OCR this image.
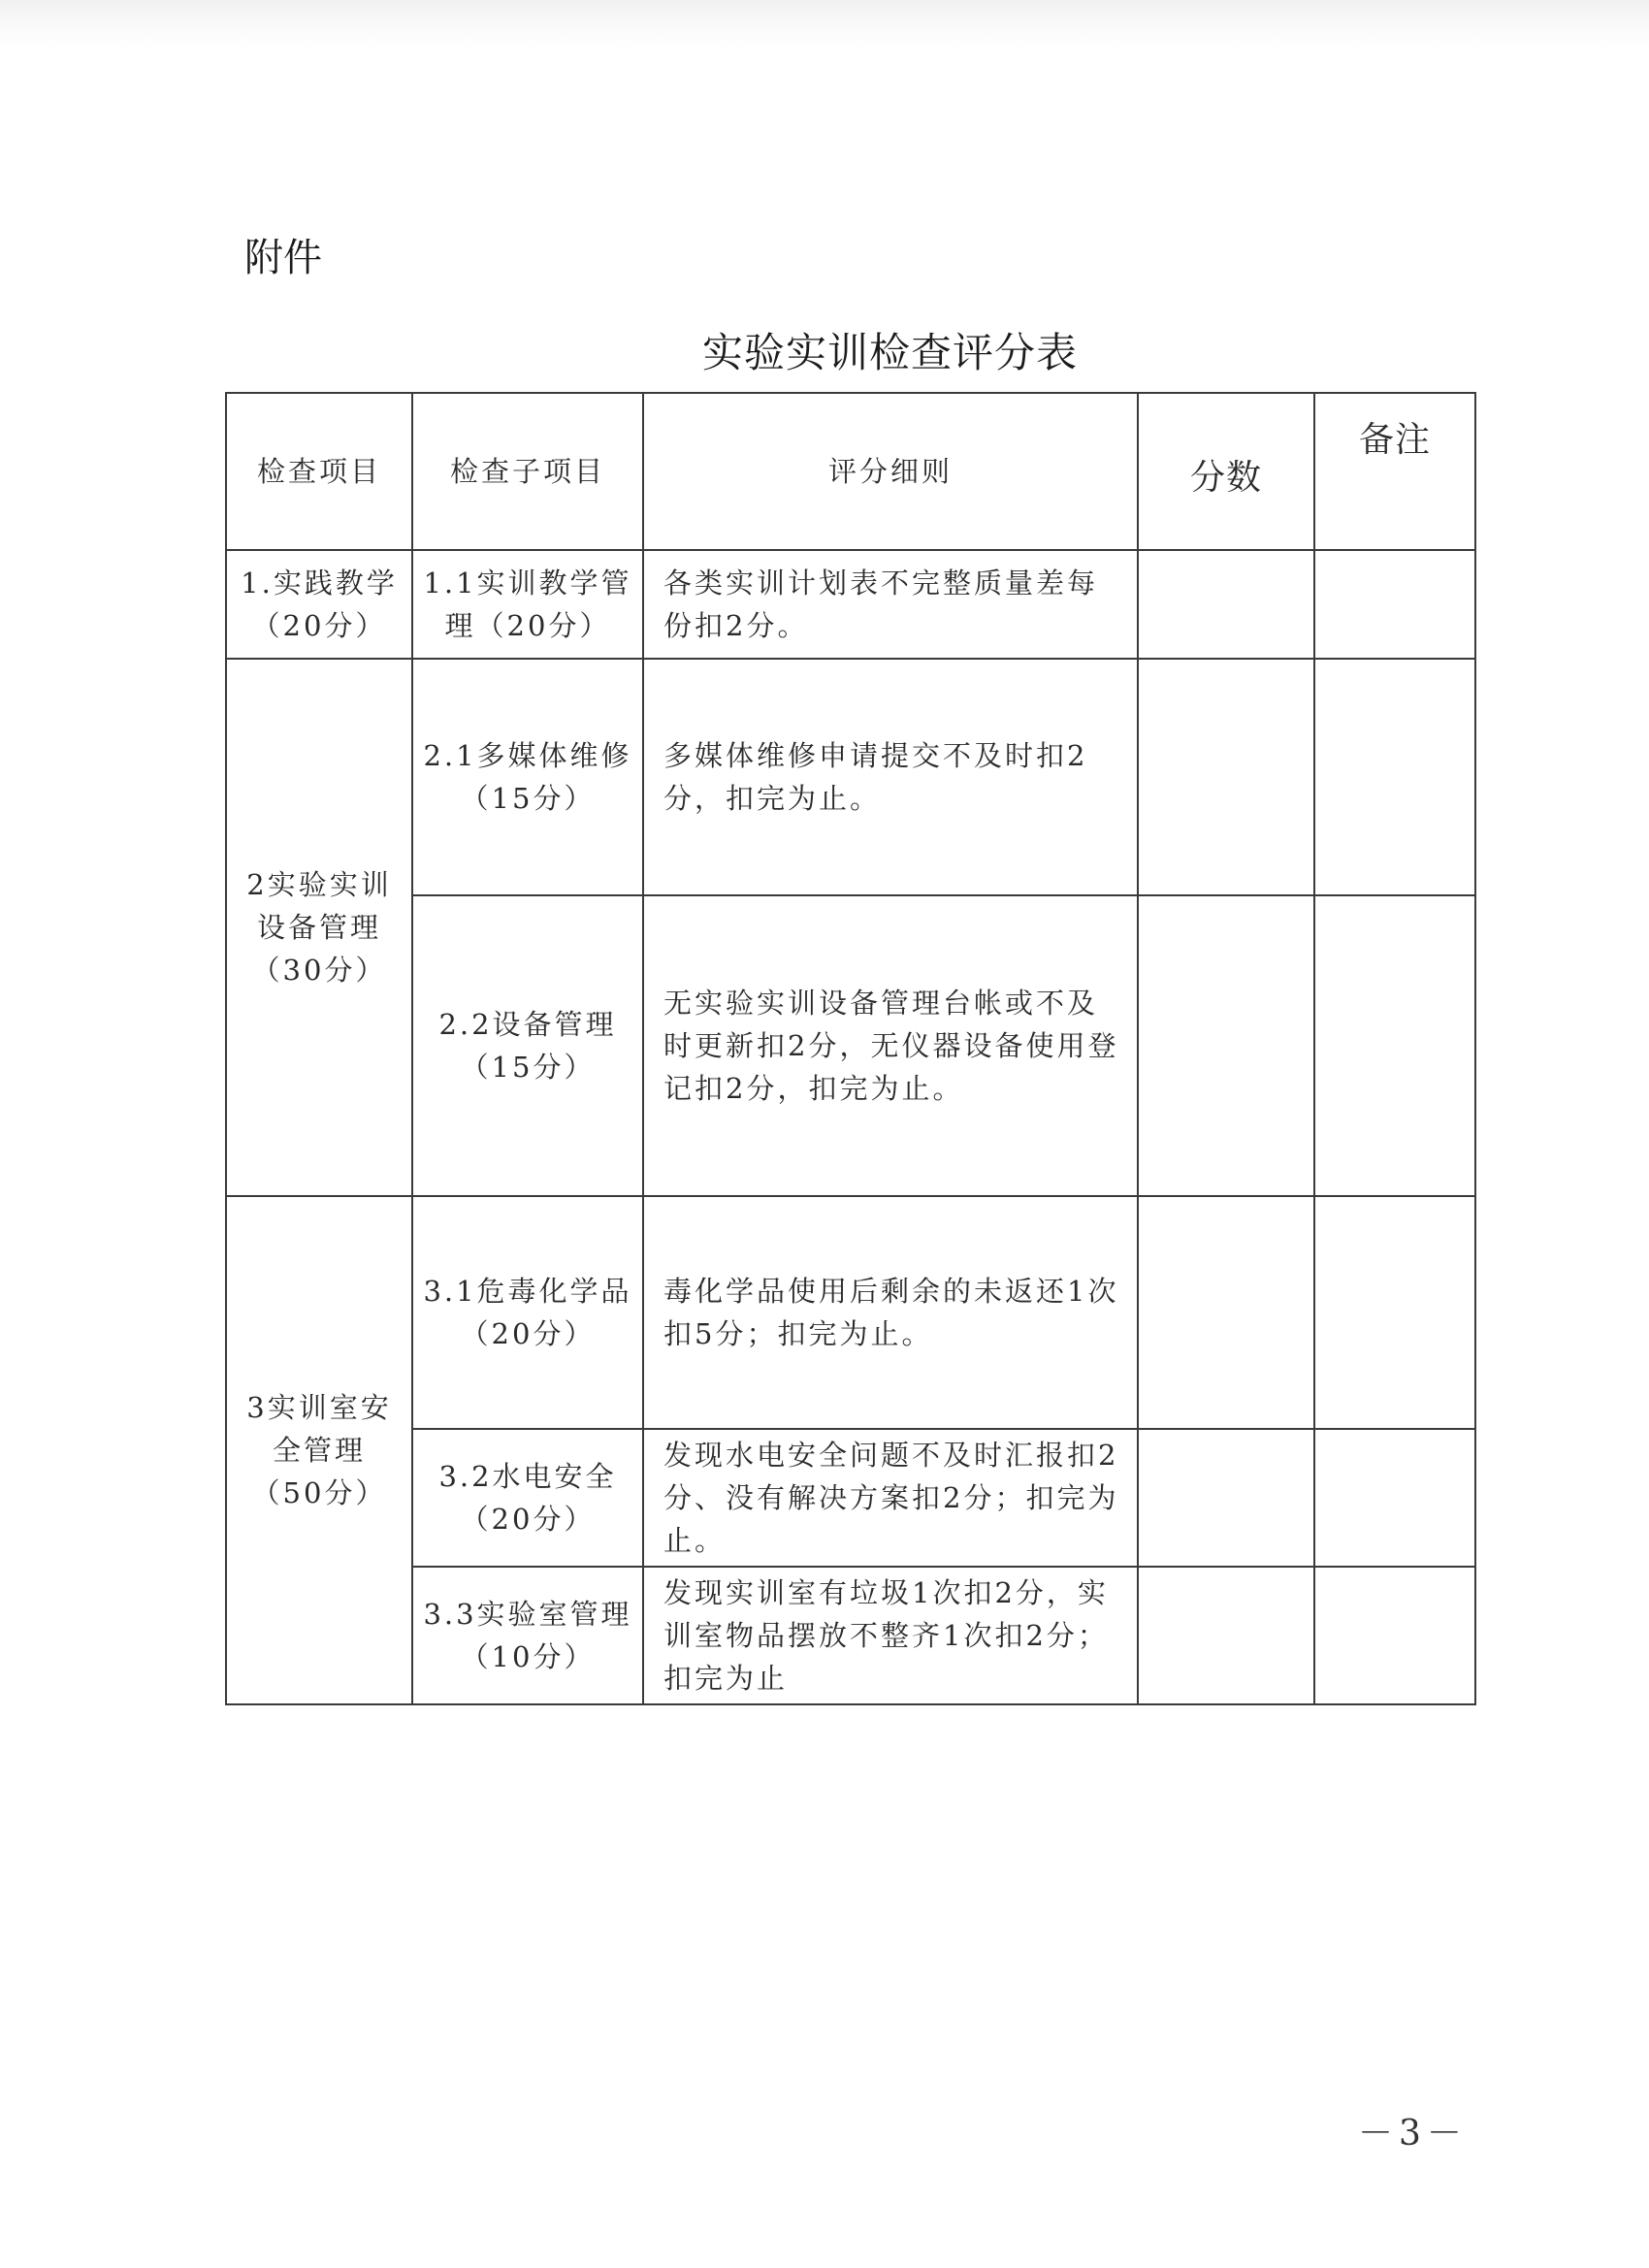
附件
实验实训检查评分表
检查项目	检查子项目	评分细则	分数	备注
1.实践教学（20分）	1.1实训教学管理（20分）	各类实训计划表不完整质量差每份扣2分。		
2实验实训设备管理（30分）	2.1多媒体维修（15分）	多媒体维修申请提交不及时扣2分，扣完为止。		
	2.2设备管理（15分）	无实验实训设备管理台帐或不及时更新扣2分，无仪器设备使用登记扣2分，扣完为止。		
3实训室安全管理（50分）	3.1危毒化学品（20分）	毒化学品使用后剩余的未返还1次扣5分；扣完为止。		
	3.2水电安全（20分）	发现水电安全问题不及时汇报扣2分、没有解决方案扣2分；扣完为止。		
	3.3实验室管理（10分）	发现实训室有垃圾1次扣2分，实训室物品摆放不整齐1次扣2分；扣完为止		
－3－
